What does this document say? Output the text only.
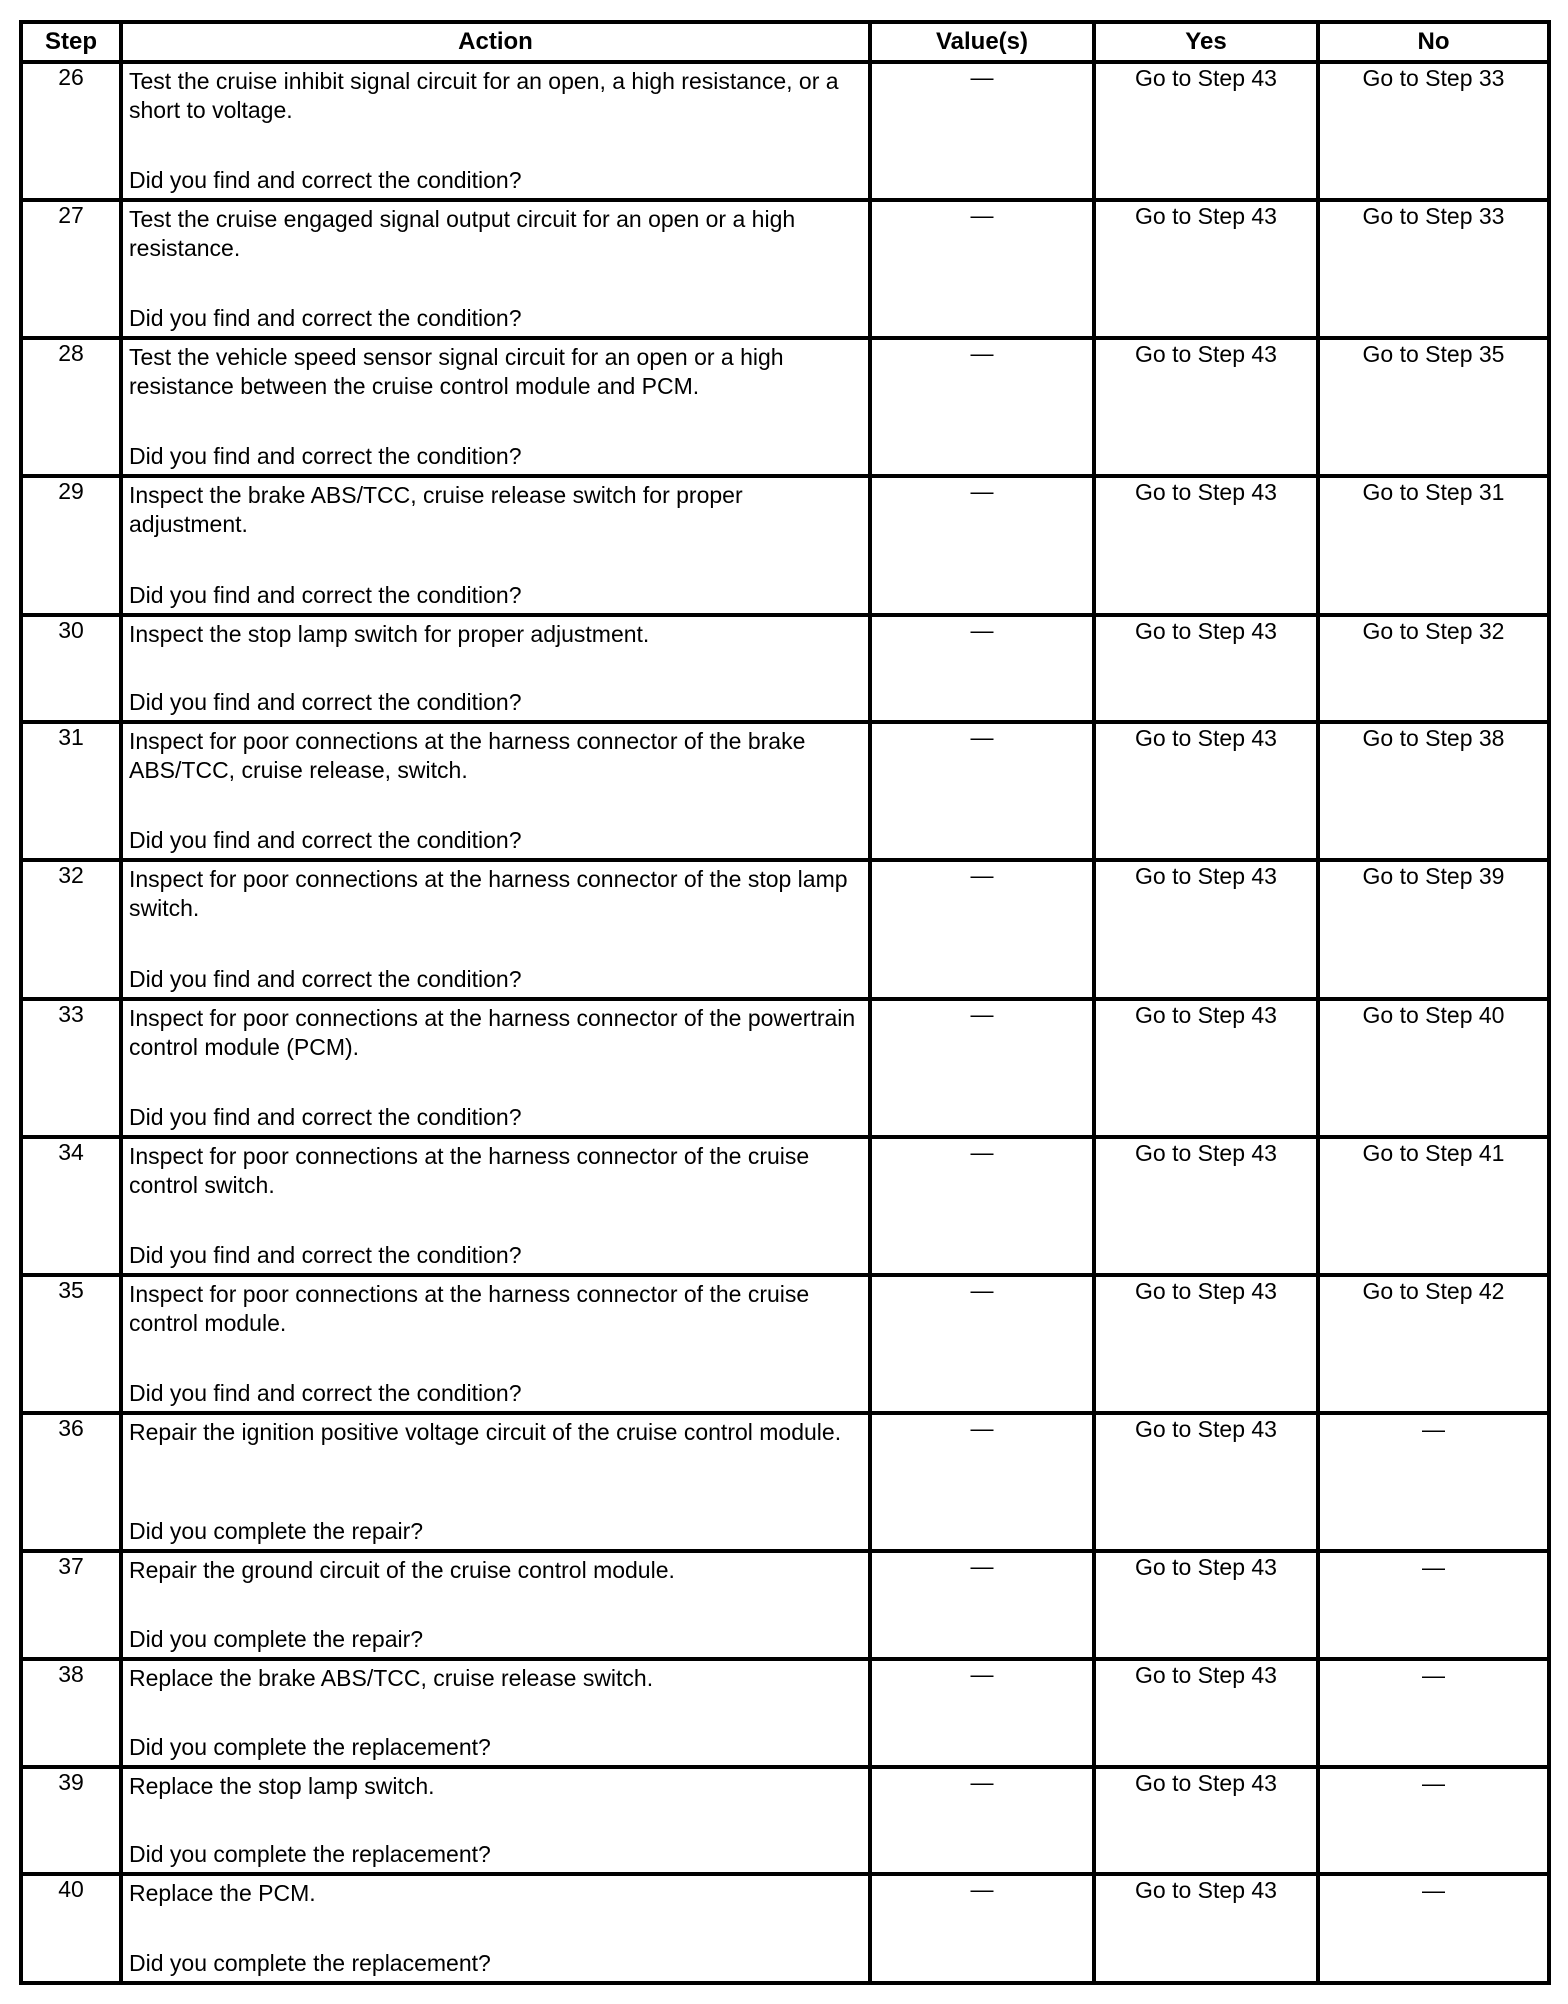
Step	Action	Value(s)	Yes	No
26	Test the cruise inhibit signal circuit for an open, a high resistance, or a short to voltage.
Did you find and correct the condition?	—	Go to Step 43	Go to Step 33

27	Test the cruise engaged signal output circuit for an open or a high resistance.
Did you find and correct the condition?	—	Go to Step 43	Go to Step 33

28	Test the vehicle speed sensor signal circuit for an open or a high resistance between the cruise control module and PCM.
Did you find and correct the condition?	—	Go to Step 43	Go to Step 35

29	Inspect the brake ABS/TCC, cruise release switch for proper adjustment.
Did you find and correct the condition?	—	Go to Step 43	Go to Step 31

30	Inspect the stop lamp switch for proper adjustment.
Did you find and correct the condition?	—	Go to Step 43	Go to Step 32

31	Inspect for poor connections at the harness connector of the brake ABS/TCC, cruise release, switch.
Did you find and correct the condition?	—	Go to Step 43	Go to Step 38

32	Inspect for poor connections at the harness connector of the stop lamp switch.
Did you find and correct the condition?	—	Go to Step 43	Go to Step 39

33	Inspect for poor connections at the harness connector of the powertrain control module (PCM).
Did you find and correct the condition?	—	Go to Step 43	Go to Step 40

34	Inspect for poor connections at the harness connector of the cruise control switch.
Did you find and correct the condition?	—	Go to Step 43	Go to Step 41

35	Inspect for poor connections at the harness connector of the cruise control module.
Did you find and correct the condition?	—	Go to Step 43	Go to Step 42

36	Repair the ignition positive voltage circuit of the cruise control module.
Did you complete the repair?	—	Go to Step 43	—

37	Repair the ground circuit of the cruise control module.
Did you complete the repair?	—	Go to Step 43	—

38	Replace the brake ABS/TCC, cruise release switch.
Did you complete the replacement?	—	Go to Step 43	—

39	Replace the stop lamp switch.
Did you complete the replacement?	—	Go to Step 43	—

40	Replace the PCM.
Did you complete the replacement?	—	Go to Step 43	—
